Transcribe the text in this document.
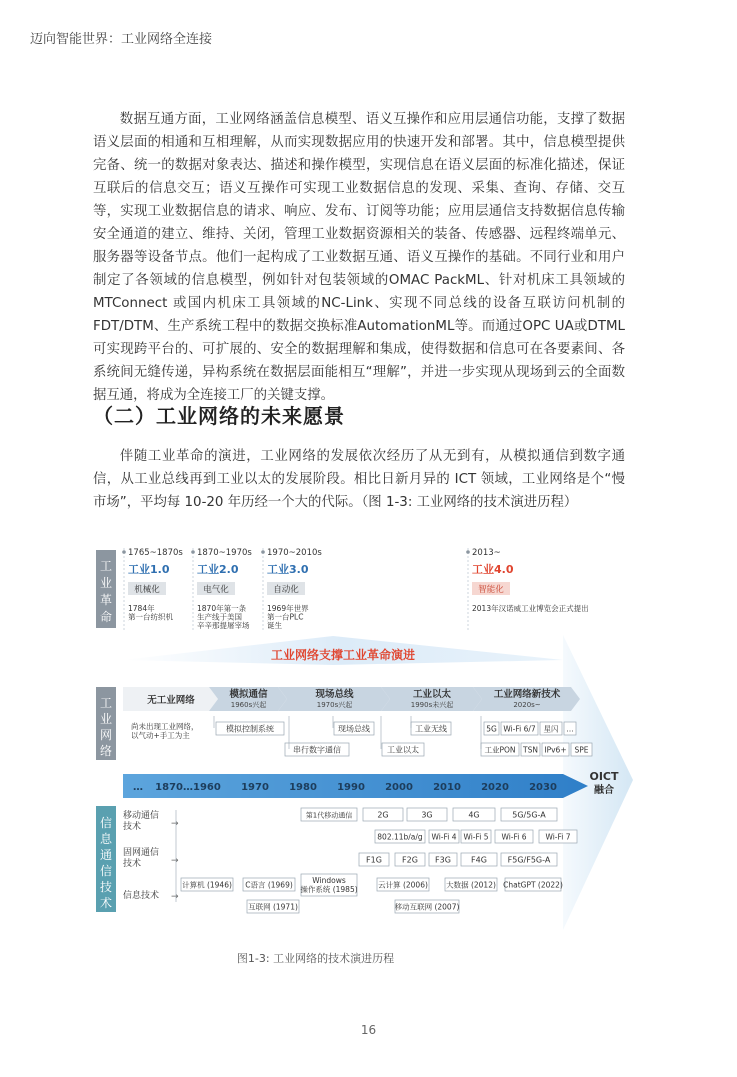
迈向智能世界：工业网络全连接

数据互通方面，工业网络涵盖信息模型、语义互操作和应用层通信功能，支撑了数据语义层面的相通和互相理解，从而实现数据应用的快速开发和部署。其中，信息模型提供完备、统一的数据对象表达、描述和操作模型，实现信息在语义层面的标准化描述，保证互联后的信息交互；语义互操作可实现工业数据信息的发现、采集、查询、存储、交互等，实现工业数据信息的请求、响应、发布、订阅等功能；应用层通信支持数据信息传输安全通道的建立、维持、关闭，管理工业数据资源相关的装备、传感器、远程终端单元、服务器等设备节点。他们一起构成了工业数据互通、语义互操作的基础。不同行业和用户制定了各领域的信息模型，例如针对包装领域的OMAC PackML、针对机床工具领域的MTConnect 或国内机床工具领域的NC-Link、实现不同总线的设备互联访问机制的FDT/DTM、生产系统工程中的数据交换标准AutomationML等。而通过OPC UA或DTML可实现跨平台的、可扩展的、安全的数据理解和集成，使得数据和信息可在各要素间、各系统间无缝传递，异构系统在数据层面能相互“理解”，并进一步实现从现场到云的全面数据互通，将成为全连接工厂的关键支撑。

（二）工业网络的未来愿景

伴随工业革命的演进，工业网络的发展依次经历了从无到有，从模拟通信到数字通信，从工业总线再到工业以太的发展阶段。相比日新月异的 ICT 领域，工业网络是个“慢市场”，平均每 10-20 年历经一个大的代际。（图 1-3: 工业网络的技术演进历程）

工业革命
1765~1870s
工业1.0
机械化
1784年
第一台纺织机
1870~1970s
工业2.0
电气化
1870年第一条
生产线于美国
辛辛那提屠宰场
1970~2010s
工业3.0
自动化
1969年世界
第一台PLC
诞生
2013~
工业4.0
智能化
2013年汉诺威工业博览会正式提出
工业网络支撑工业革命演进
工业网络
无工业网络
模拟通信
1960s兴起
现场总线
1970s兴起
工业以太
1990s未兴起
工业网络新技术
2020s~
尚未出现工业网络，
以气动+手工为主
模拟控制系统	现场总线
串行数字通信
工业无线
工业以太
5G Wi-Fi 6/7 星闪 …
工业PON TSN IPv6+ SPE
… 1870…1960 1970 1980 1990 2000 2010 2020 2030
OICT
融合
信息通信技术
移动通信
技术	→
固网通信
技术	→
信息技术 →
第1代移动通信	2G	3G	4G	5G/5G-A
802.11b/a/g Wi-Fi 4 Wi-Fi 5 Wi-Fi 6	Wi-Fi 7
F1G	F2G F3G	F4G	F5G/F5G-A
计算机 (1946) C语言 (1969)	Windows
操作系统 (1985)	云计算 (2006) 大数据 (2012) ChatGPT (2022)
互联网 (1971)	移动互联网 (2007)
图1-3: 工业网络的技术演进历程
16
